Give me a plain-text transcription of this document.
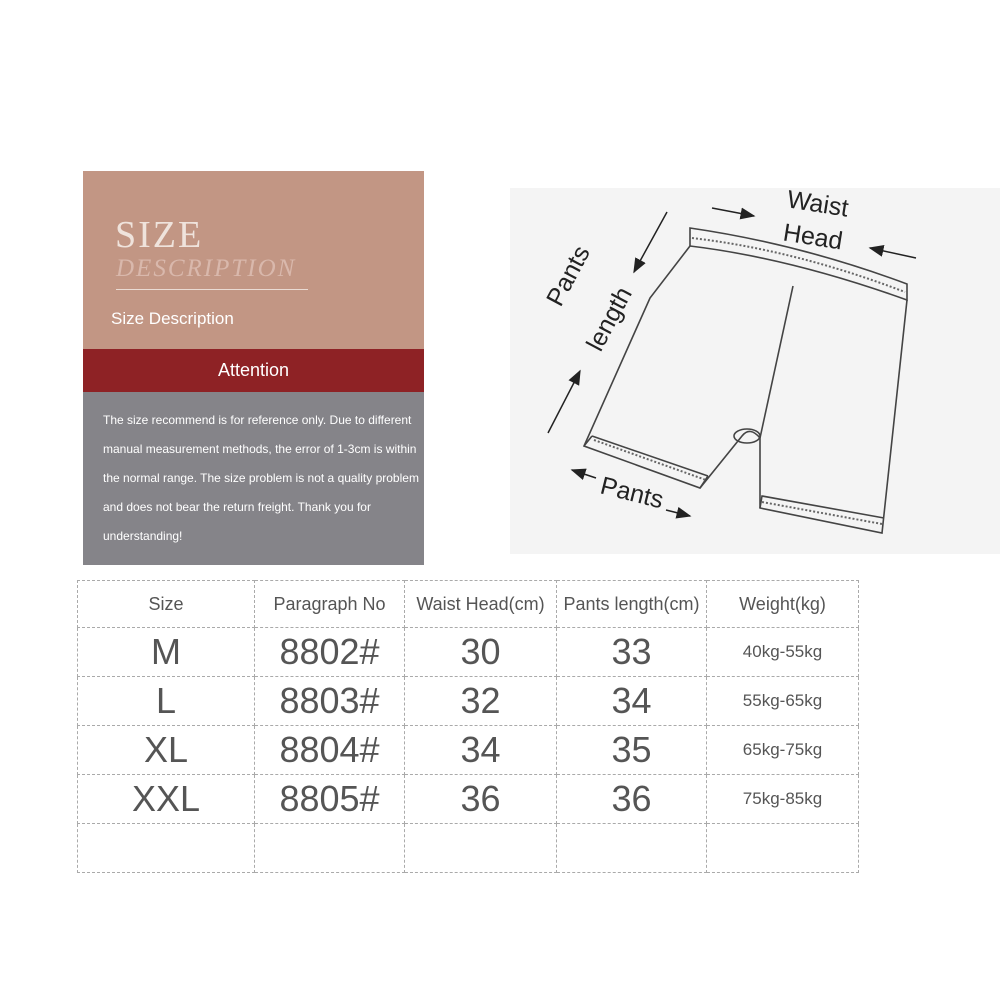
SIZE
DESCRIPTION
Size Description
Attention

The size recommend is for reference only. Due to different manual measurement methods, the error of 1-3cm is within the normal range. The size problem is not a quality problem and does not bear the return freight. Thank you for understanding!

Waist
Head
Pants
length
Pants
Size	Paragraph No	Waist Head(cm)	Pants length(cm)	Weight(kg)
M	8802#	30	33	40kg-55kg
L	8803#	32	34	55kg-65kg
XL	8804#	34	35	65kg-75kg
XXL	8805#	36	36	75kg-85kg
